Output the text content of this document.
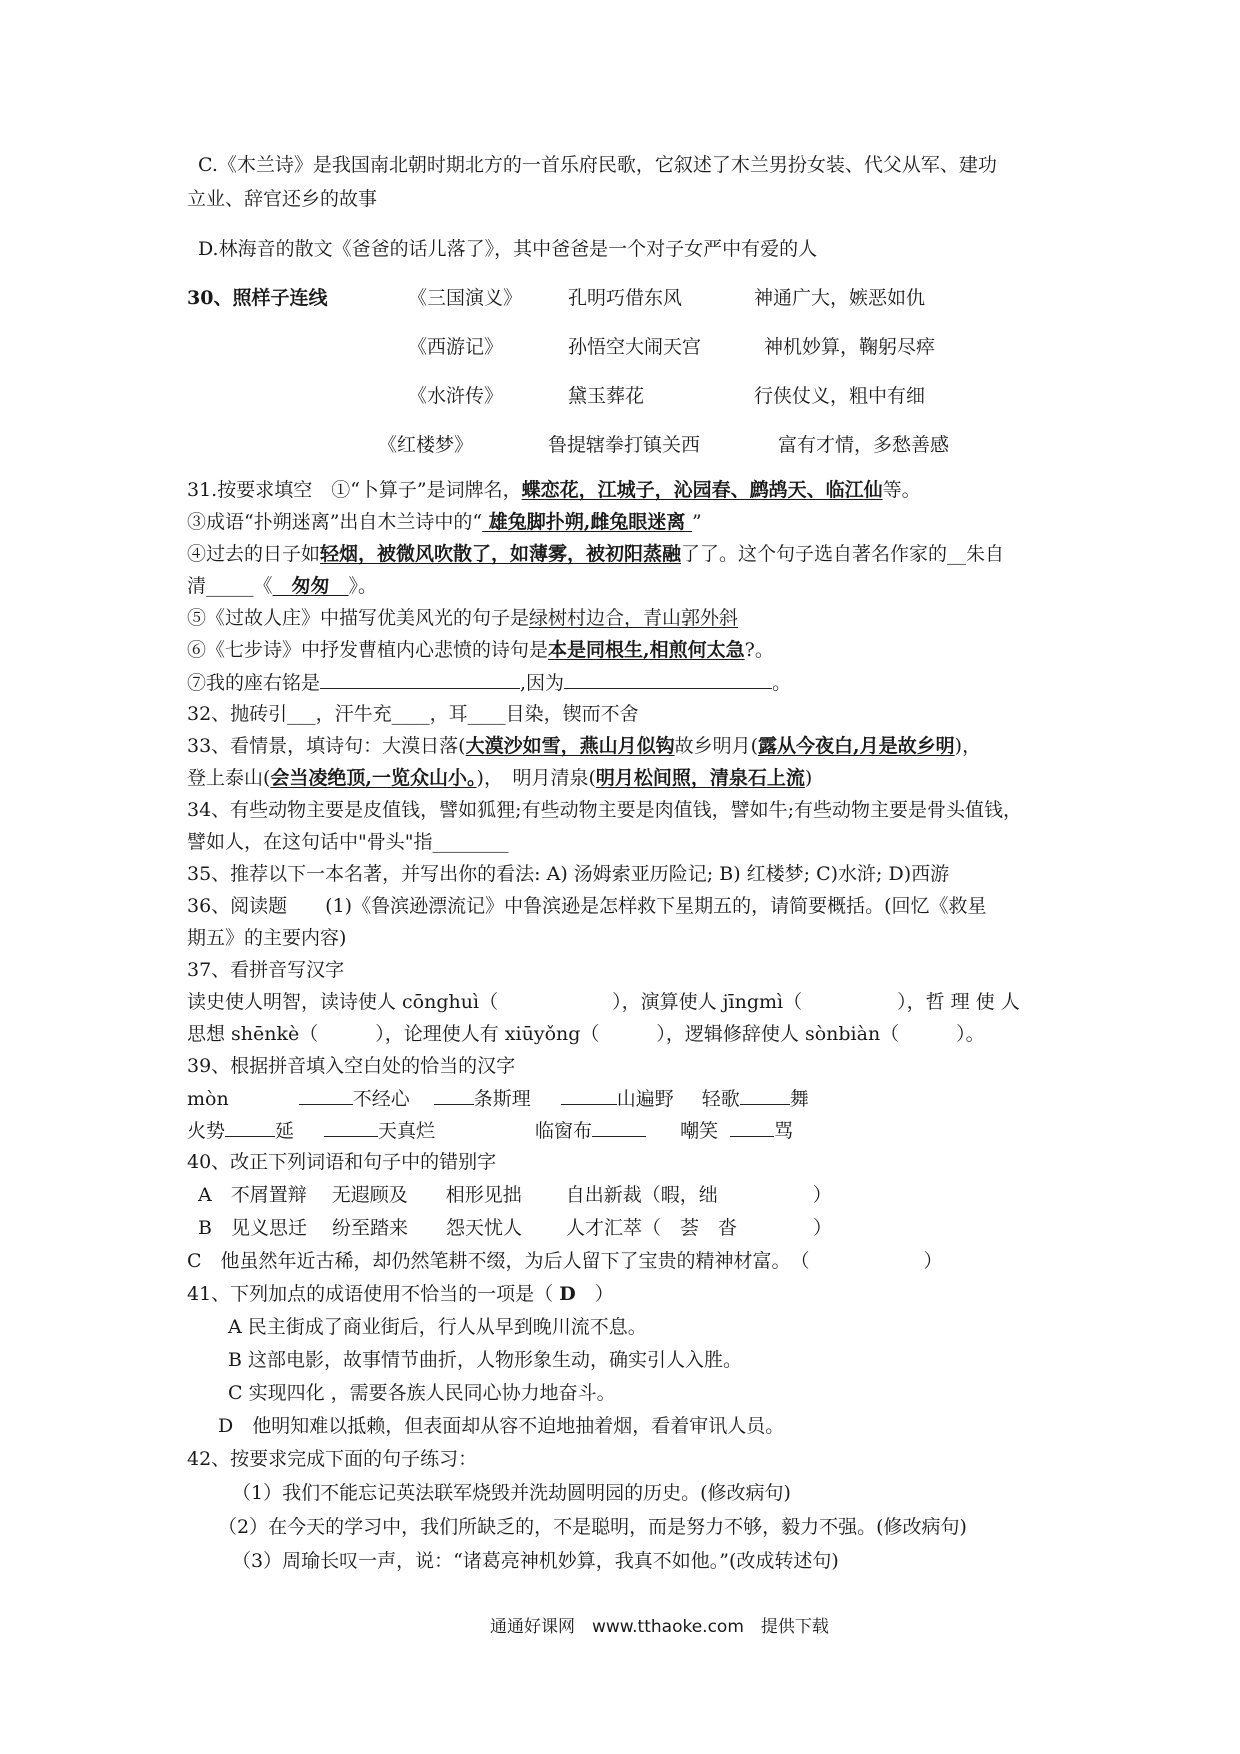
C.《木兰诗》是我国南北朝时期北方的一首乐府民歌，它叙述了木兰男扮女装、代父从军、建功
立业、辞官还乡的故事
D.林海音的散文《爸爸的话儿落了》，其中爸爸是一个对子女严中有爱的人
30、照样子连线	《三国演义》 孔明巧借东风	神通广大，嫉恶如仇
《西游记》	孙悟空大闹天宫	神机妙算，鞠躬尽瘁
《水浒传》	黛玉葬花	行侠仗义，粗中有细
《红楼梦》	鲁提辖拳打镇关西	富有才情，多愁善感
31.按要求填空　①“卜算子”是词牌名，蝶恋花，江城子，沁园春、鹧鸪天、临江仙等。
③成语“扑朔迷离”出自木兰诗中的“ 雄兔脚扑朔,雌兔眼迷离 ”
④过去的日子如轻烟，被微风吹散了，如薄雾，被初阳蒸融了了。这个句子选自著名作家的__朱自
清_____《　匆匆　》。
⑤《过故人庄》中描写优美风光的句子是绿树村边合，青山郭外斜
⑥《七步诗》中抒发曹植内心悲愤的诗句是本是同根生,相煎何太急?。
⑦我的座右铭是	,因为	。
32、抛砖引___，汗牛充____，耳____目染，锲而不舍
33、看情景，填诗句：大漠日落(大漠沙如雪，燕山月似钩故乡明月(露从今夜白,月是故乡明)，
登上泰山(会当凌绝顶,一览众山小。)，　明月清泉(明月松间照，清泉石上流)
34、有些动物主要是皮值钱，譬如狐狸;有些动物主要是肉值钱，譬如牛;有些动物主要是骨头值钱，
譬如人，在这句话中"骨头"指________
35、推荐以下一本名著，并写出你的看法: A) 汤姆索亚历险记; B) 红楼梦; C)水浒; D)西游
36、阅读题　　(1)《鲁滨逊漂流记》中鲁滨逊是怎样救下星期五的，请简要概括。(回忆《救星
期五》的主要内容)
37、看拼音写汉字
读史使人明智，读诗使人 cōnghuì（　　　　　　），演算使人 jīngmì（　　　　　），哲 理 使 人
思想 shēnkè（　　　），论理使人有 xiūyǒng（　　　），逻辑修辞使人 sònbiàn（　　　）。
39、根据拼音填入空白处的恰当的汉字
mòn	不经心	条斯理	山遍野 轻歌	舞
火势	延	天真烂	临窗布	嘲笑	骂
40、改正下列词语和句子中的错别字
A　不屑置辩　 无遐顾及　　相形见拙　　 自出新裁（暇，绌　　　　　）
B　见义思迁　 纷至踏来　　怨天忧人　　 人才汇萃（　荟　沓　　　　）
C　他虽然年近古稀，却仍然笔耕不缀，为后人留下了宝贵的精神材富。　（　　　　　　）
41、下列加点的成语使用不恰当的一项是（ D　）
A 民主街成了商业街后，行人从早到晚川流不息。
B 这部电影，故事情节曲折，人物形象生动，确实引人入胜。
C 实现四化 ，需要各族人民同心协力地奋斗。
D　他明知难以抵赖，但表面却从容不迫地抽着烟，看着审讯人员。
42、按要求完成下面的句子练习：
（1）我们不能忘记英法联军烧毁并洗劫圆明园的历史。(修改病句)
（2）在今天的学习中，我们所缺乏的，不是聪明，而是努力不够，毅力不强。(修改病句)
（3）周瑜长叹一声，说：“诸葛亮神机妙算，我真不如他。”(改成转述句)
通通好课网　www.tthaoke.com　提供下载
